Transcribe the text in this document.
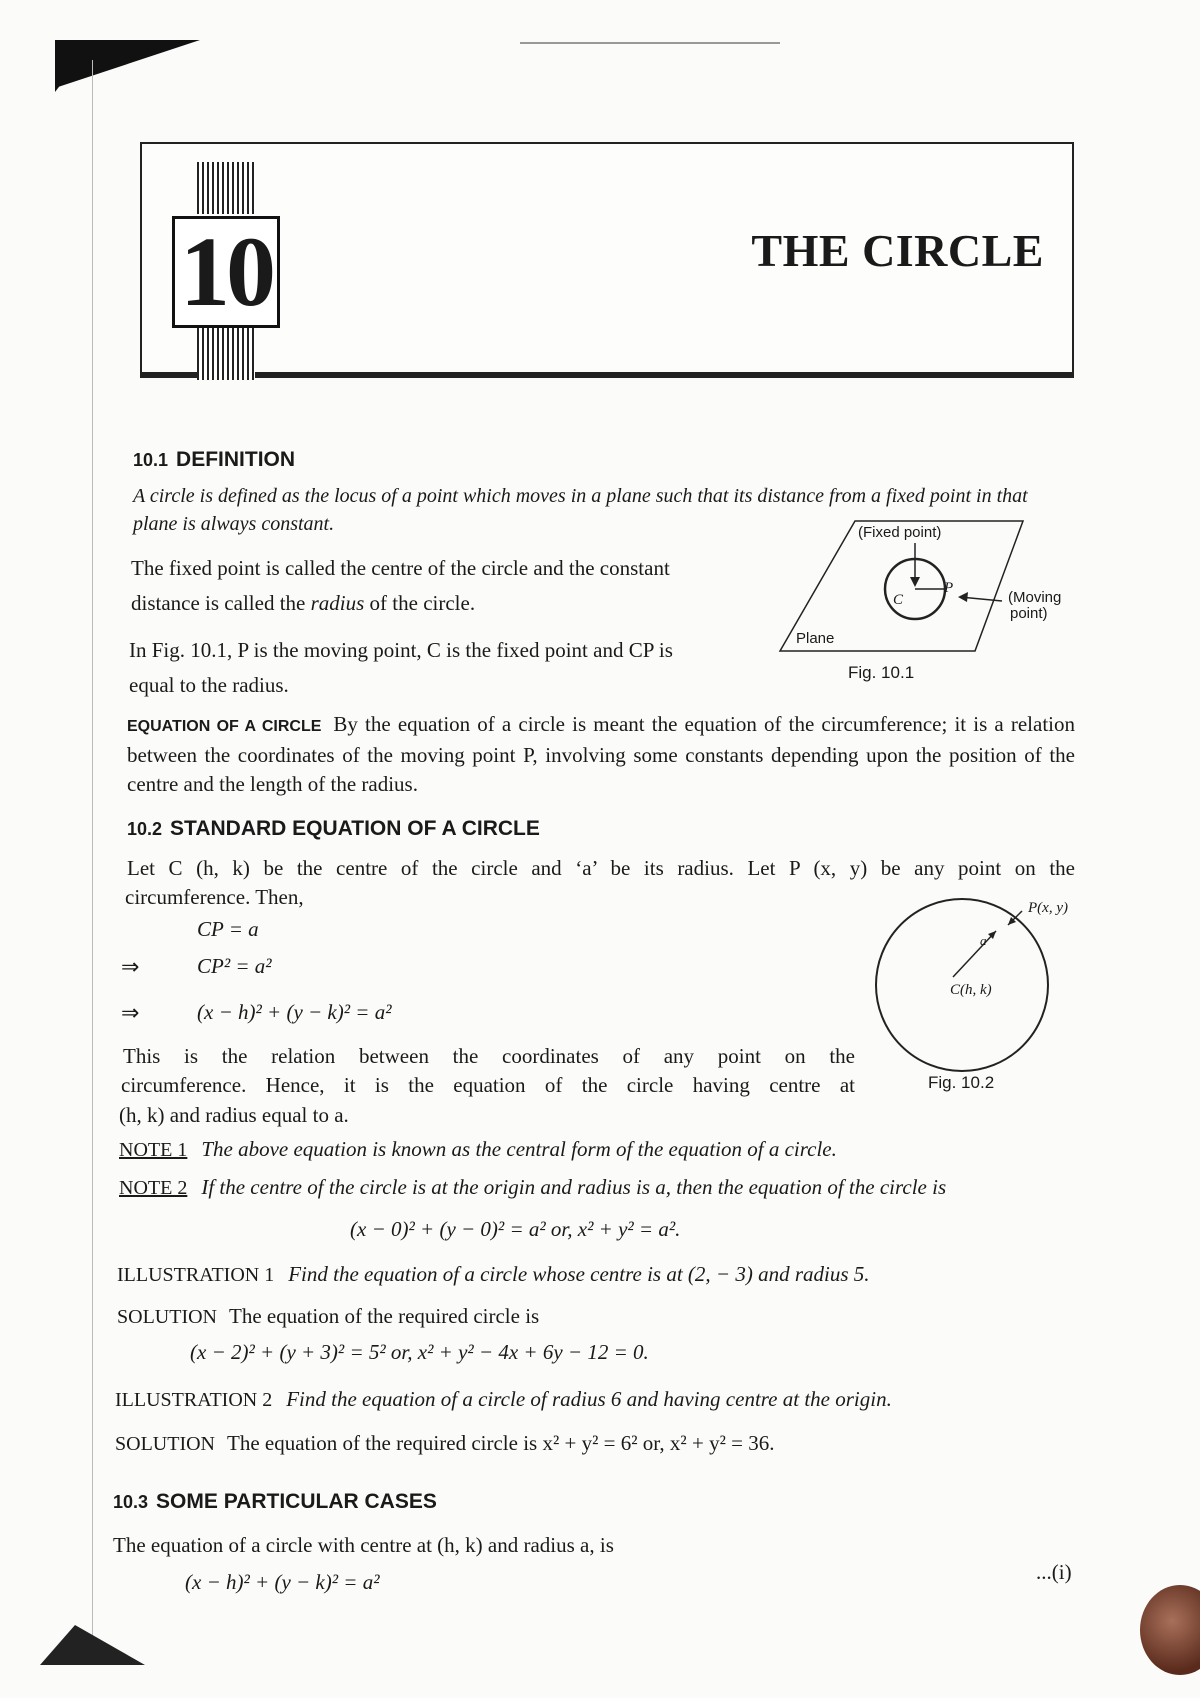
10	THE CIRCLE
10.1 DEFINITION
A circle is defined as the locus of a point which moves in a plane such that its distance from a fixed point in that plane is always constant.
The fixed point is called the centre of the circle and the constant
distance is called the radius of the circle.
In Fig. 10.1, P is the moving point, C is the fixed point and CP is
equal to the radius.
(Fixed point)
(Moving
point)
Plane
C
P
Fig. 10.1
EQUATION OF A CIRCLE By the equation of a circle is meant the equation of the circumference; it is a relation between the coordinates of the moving point P, involving some constants depending upon the position of the centre and the length of the radius.
10.2 STANDARD EQUATION OF A CIRCLE
Let C (h, k) be the centre of the circle and ‘a’ be its radius. Let P (x, y) be any point on the
circumference. Then,
CP = a
⇒	CP² = a²
⇒	(x − h)² + (y − k)² = a²
P(x, y)
a
C(h, k)
Fig. 10.2
This is the relation between the coordinates of any point on the
circumference. Hence, it is the equation of the circle having centre at
(h, k) and radius equal to a.
NOTE 1 The above equation is known as the central form of the equation of a circle.
NOTE 2 If the centre of the circle is at the origin and radius is a, then the equation of the circle is
(x − 0)² + (y − 0)² = a² or, x² + y² = a².
ILLUSTRATION 1 Find the equation of a circle whose centre is at (2, − 3) and radius 5.
SOLUTION The equation of the required circle is
(x − 2)² + (y + 3)² = 5² or, x² + y² − 4x + 6y − 12 = 0.
ILLUSTRATION 2 Find the equation of a circle of radius 6 and having centre at the origin.
SOLUTION The equation of the required circle is x² + y² = 6² or, x² + y² = 36.
10.3 SOME PARTICULAR CASES
The equation of a circle with centre at (h, k) and radius a, is
(x − h)² + (y − k)² = a²	...(i)
